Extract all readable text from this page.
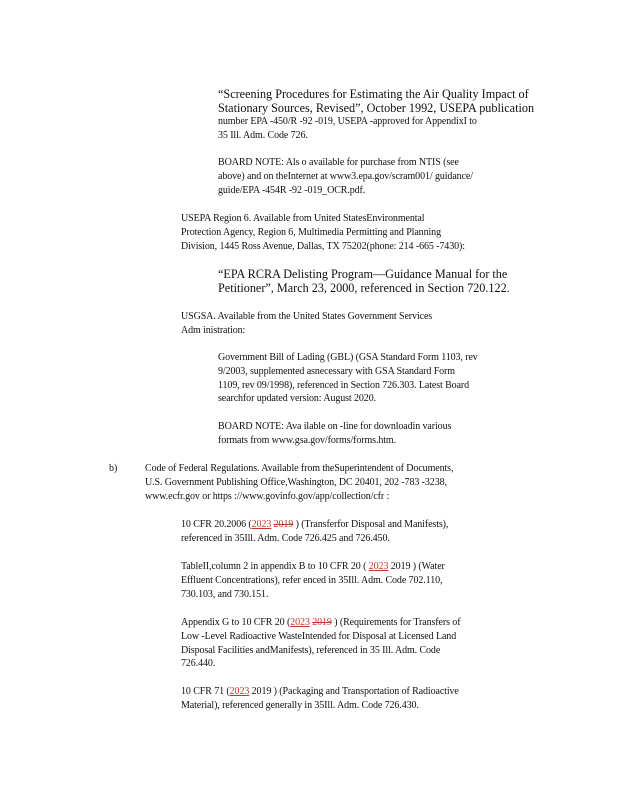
“Screening Procedures for Estimating the Air Quality Impact of
Stationary Sources, Revised”, October 1992, USEPA publication
number EPA -450/R -92 -019, USEPA -approved for AppendixI to
35 Ill. Adm. Code 726.
BOARD NOTE: Als o available for purchase from NTIS (see
above) and on theInternet at www3.epa.gov/scram001/ guidance/
guide/EPA -454R -92 -019_OCR.pdf.
USEPA Region 6. Available from United StatesEnvironmental
Protection Agency, Region 6, Multimedia Permitting and Planning
Division, 1445 Ross Avenue, Dallas, TX 75202(phone: 214 -665 -7430):
“EPA RCRA Delisting Program—Guidance Manual for the
Petitioner”, March 23, 2000, referenced in Section 720.122.
USGSA. Available from the United States Government Services
Adm inistration:
Government Bill of Lading (GBL) (GSA Standard Form 1103, rev
9/2003, supplemented asnecessary with GSA Standard Form
1109, rev 09/1998), referenced in Section 726.303. Latest Board
searchfor updated version: August 2020.
BOARD NOTE: Ava ilable on -line for downloadin various
formats from www.gsa.gov/forms/forms.htm.

b)	Code of Federal Regulations. Available from theSuperintendent of Documents,
U.S. Government Publishing Office,Washington, DC 20401, 202 -783 -3238,
www.ecfr.gov or https ://www.govinfo.gov/app/collection/cfr :
10 CFR 20.2006 (2023 2019 ) (Transferfor Disposal and Manifests),
referenced in 35Ill. Adm. Code 726.425 and 726.450.
TableII,column 2 in appendix B to 10 CFR 20 ( 2023 2019 ) (Water
Effluent Concentrations), refer enced in 35Ill. Adm. Code 702.110,
730.103, and 730.151.
Appendix G to 10 CFR 20 (2023 2019 ) (Requirements for Transfers of
Low -Level Radioactive WasteIntended for Disposal at Licensed Land
Disposal Facilities andManifests), referenced in 35 Ill. Adm. Code
726.440.
10 CFR 71 (2023 2019 ) (Packaging and Transportation of Radioactive
Material), referenced generally in 35Ill. Adm. Code 726.430.
